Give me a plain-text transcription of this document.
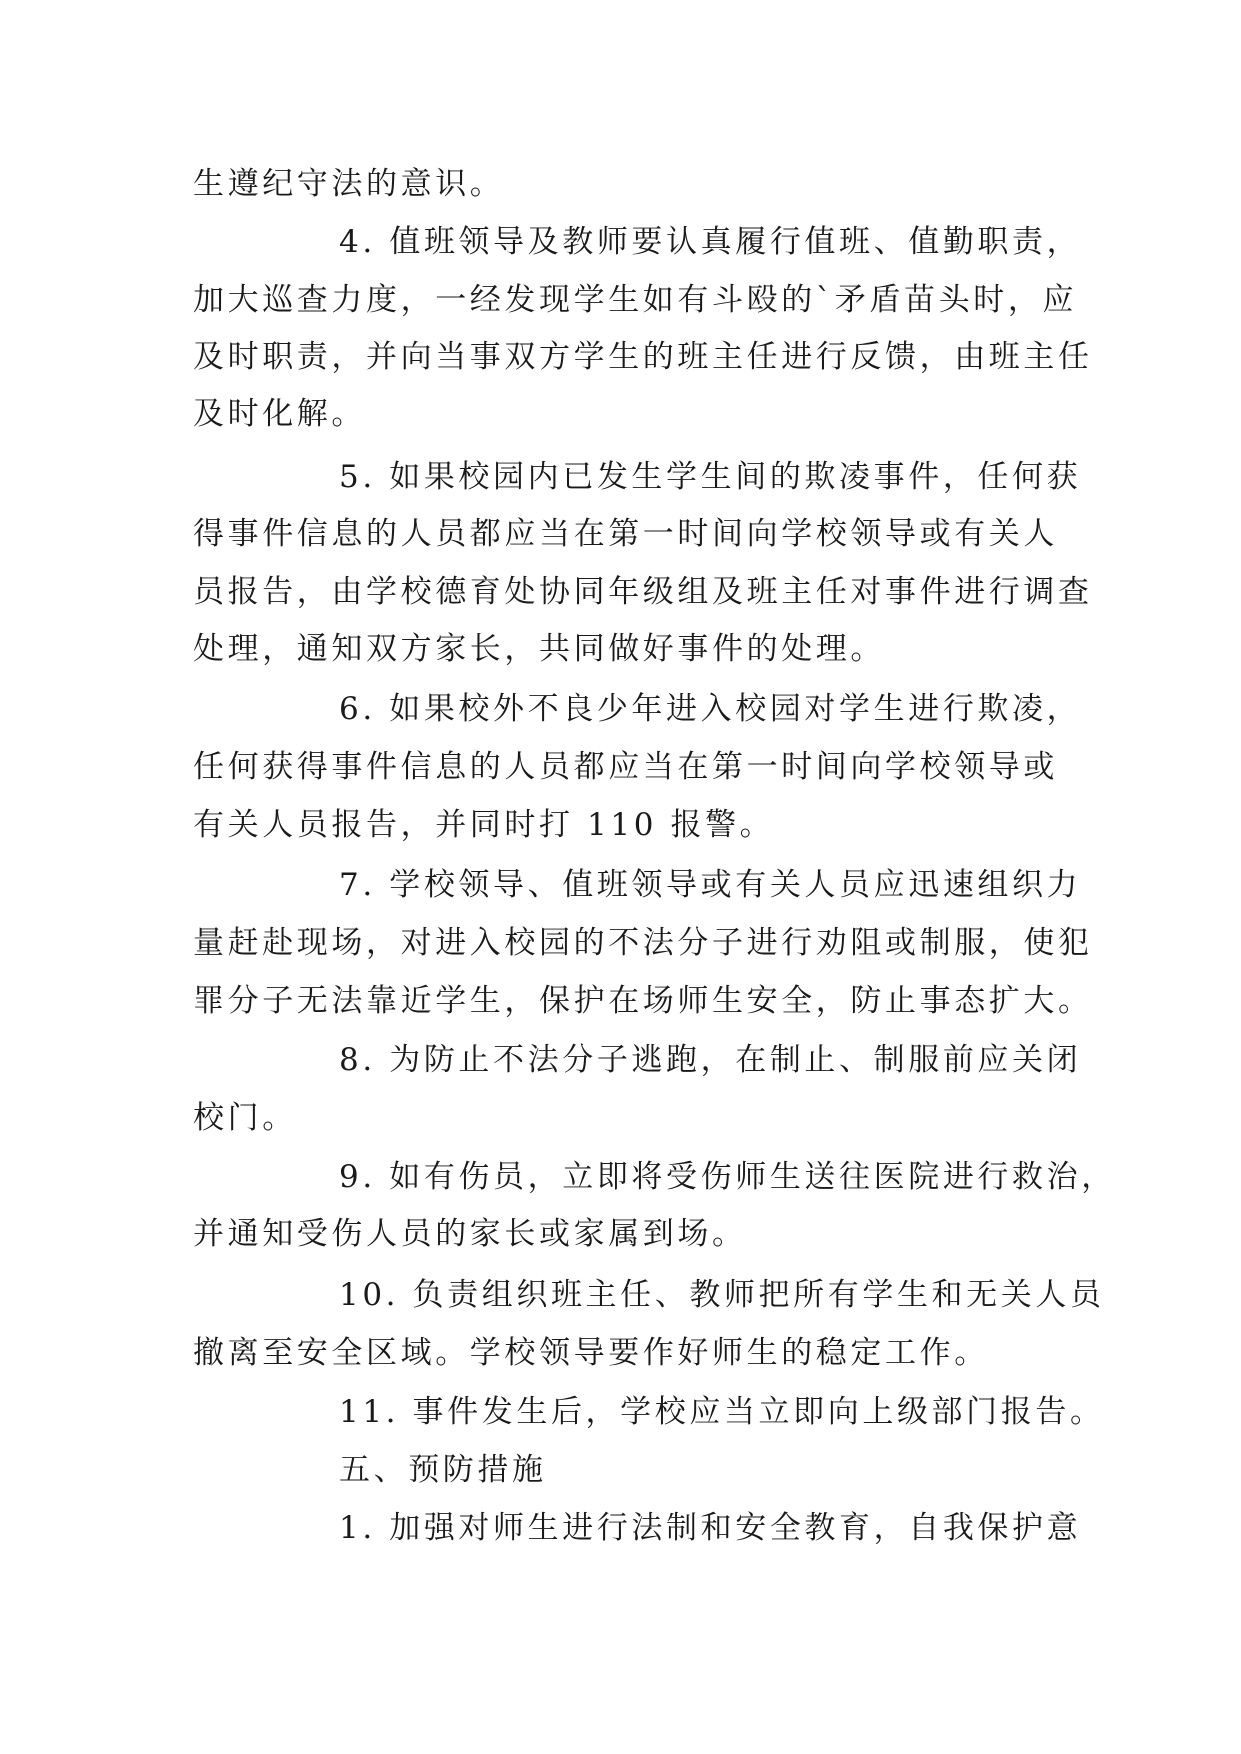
生遵纪守法的意识。
4. 值班领导及教师要认真履行值班、值勤职责，
加大巡查力度，一经发现学生如有斗殴的`矛盾苗头时，应
及时职责，并向当事双方学生的班主任进行反馈，由班主任
及时化解。
5. 如果校园内已发生学生间的欺凌事件，任何获
得事件信息的人员都应当在第一时间向学校领导或有关人
员报告，由学校德育处协同年级组及班主任对事件进行调查
处理，通知双方家长，共同做好事件的处理。
6. 如果校外不良少年进入校园对学生进行欺凌，
任何获得事件信息的人员都应当在第一时间向学校领导或
有关人员报告，并同时打 110 报警。
7. 学校领导、值班领导或有关人员应迅速组织力
量赶赴现场，对进入校园的不法分子进行劝阻或制服，使犯
罪分子无法靠近学生，保护在场师生安全，防止事态扩大。
8. 为防止不法分子逃跑，在制止、制服前应关闭
校门。
9. 如有伤员，立即将受伤师生送往医院进行救治，
并通知受伤人员的家长或家属到场。
10. 负责组织班主任、教师把所有学生和无关人员
撤离至安全区域。学校领导要作好师生的稳定工作。
11. 事件发生后，学校应当立即向上级部门报告。
五、预防措施
1. 加强对师生进行法制和安全教育，自我保护意
